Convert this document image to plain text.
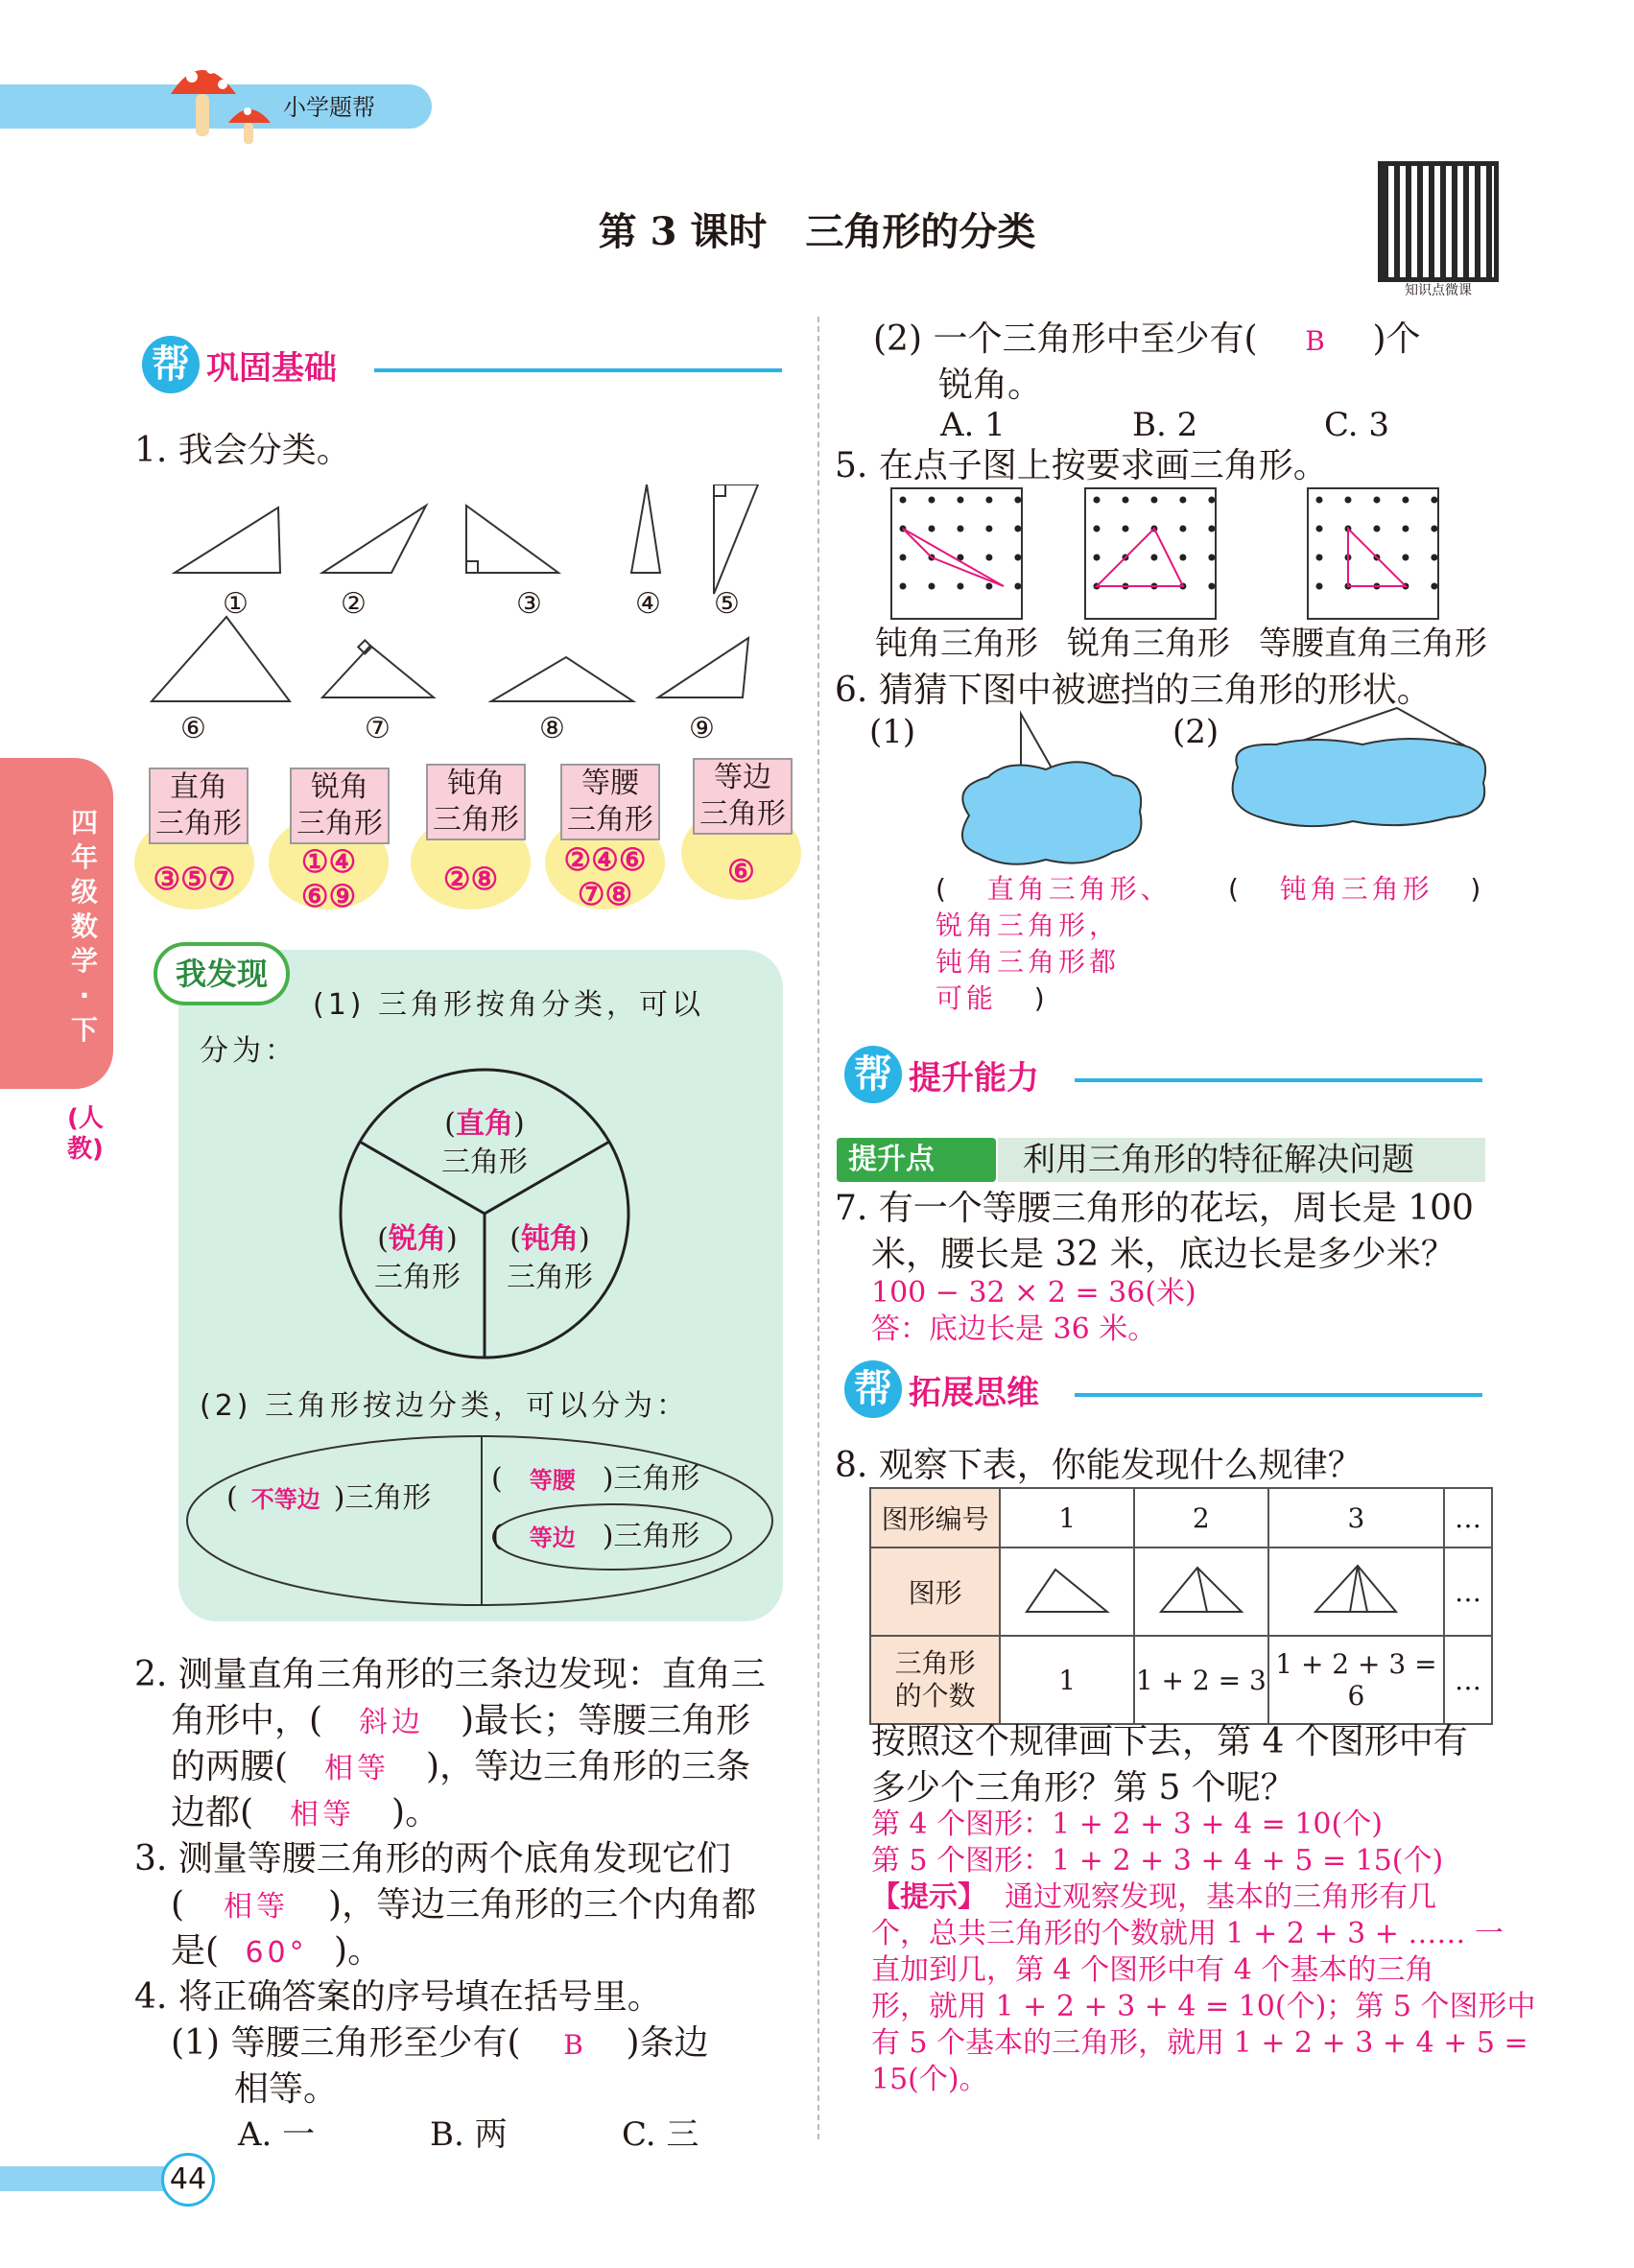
小学题帮
第 3 课时　三角形的分类
知识点微课
四年级数学·下
(人教)
帮 巩固基础
1. 我会分类。
①	②	③	④ ⑤
⑥	⑦	⑧	⑨
直角
三角形
③⑤⑦
锐角
三角形
①④
⑥⑨
钝角
三角形
②⑧
等腰
三角形
②④⑥
⑦⑧
等边
三角形
⑥
我发现
(1) 三角形按角分类，可以
分为：
(直角)
三角形
(锐角)
三角形
(钝角)
三角形
(2) 三角形按边分类，可以分为：
( 不等边 )三角形
( 等腰 )三角形
( 等边 )三角形
2. 测量直角三角形的三条边发现：直角三
角形中，( 斜边 )最长；等腰三角形
的两腰( 相等 )，等边三角形的三条
边都( 相等 )。
3. 测量等腰三角形的两个底角发现它们
( 相等 )，等边三角形的三个内角都
是( 60° )。
4. 将正确答案的序号填在括号里。
(1) 等腰三角形至少有( B )条边
相等。
A. 一	B. 两	C. 三
44
(2) 一个三角形中至少有( B )个
锐角。
A. 1	B. 2	C. 3
5. 在点子图上按要求画三角形。
钝角三角形 锐角三角形 等腰直角三角形
6. 猜猜下图中被遮挡的三角形的形状。
(1)	(2)
( 直角三角形、
锐角三角形，
钝角三角形都
可能 )
( 钝角三角形 )
帮 提升能力
提升点	利用三角形的特征解决问题
7. 有一个等腰三角形的花坛，周长是 100
米，腰长是 32 米，底边长是多少米？
100 − 32 × 2 = 36(米)
答：底边长是 36 米。
帮 拓展思维
8. 观察下表，你能发现什么规律？
图形编号	1	2	3	…
图形				…
三角形
的个数	1	1 + 2 = 3	1 + 2 + 3 = 6	…
按照这个规律画下去，第 4 个图形中有
多少个三角形？第 5 个呢？
第 4 个图形：1 + 2 + 3 + 4 = 10(个)
第 5 个图形：1 + 2 + 3 + 4 + 5 = 15(个)
【提示】 通过观察发现，基本的三角形有几
个，总共三角形的个数就用 1 + 2 + 3 + …… 一
直加到几，第 4 个图形中有 4 个基本的三角
形，就用 1 + 2 + 3 + 4 = 10(个)；第 5 个图形中
有 5 个基本的三角形，就用 1 + 2 + 3 + 4 + 5 =
15(个)。
